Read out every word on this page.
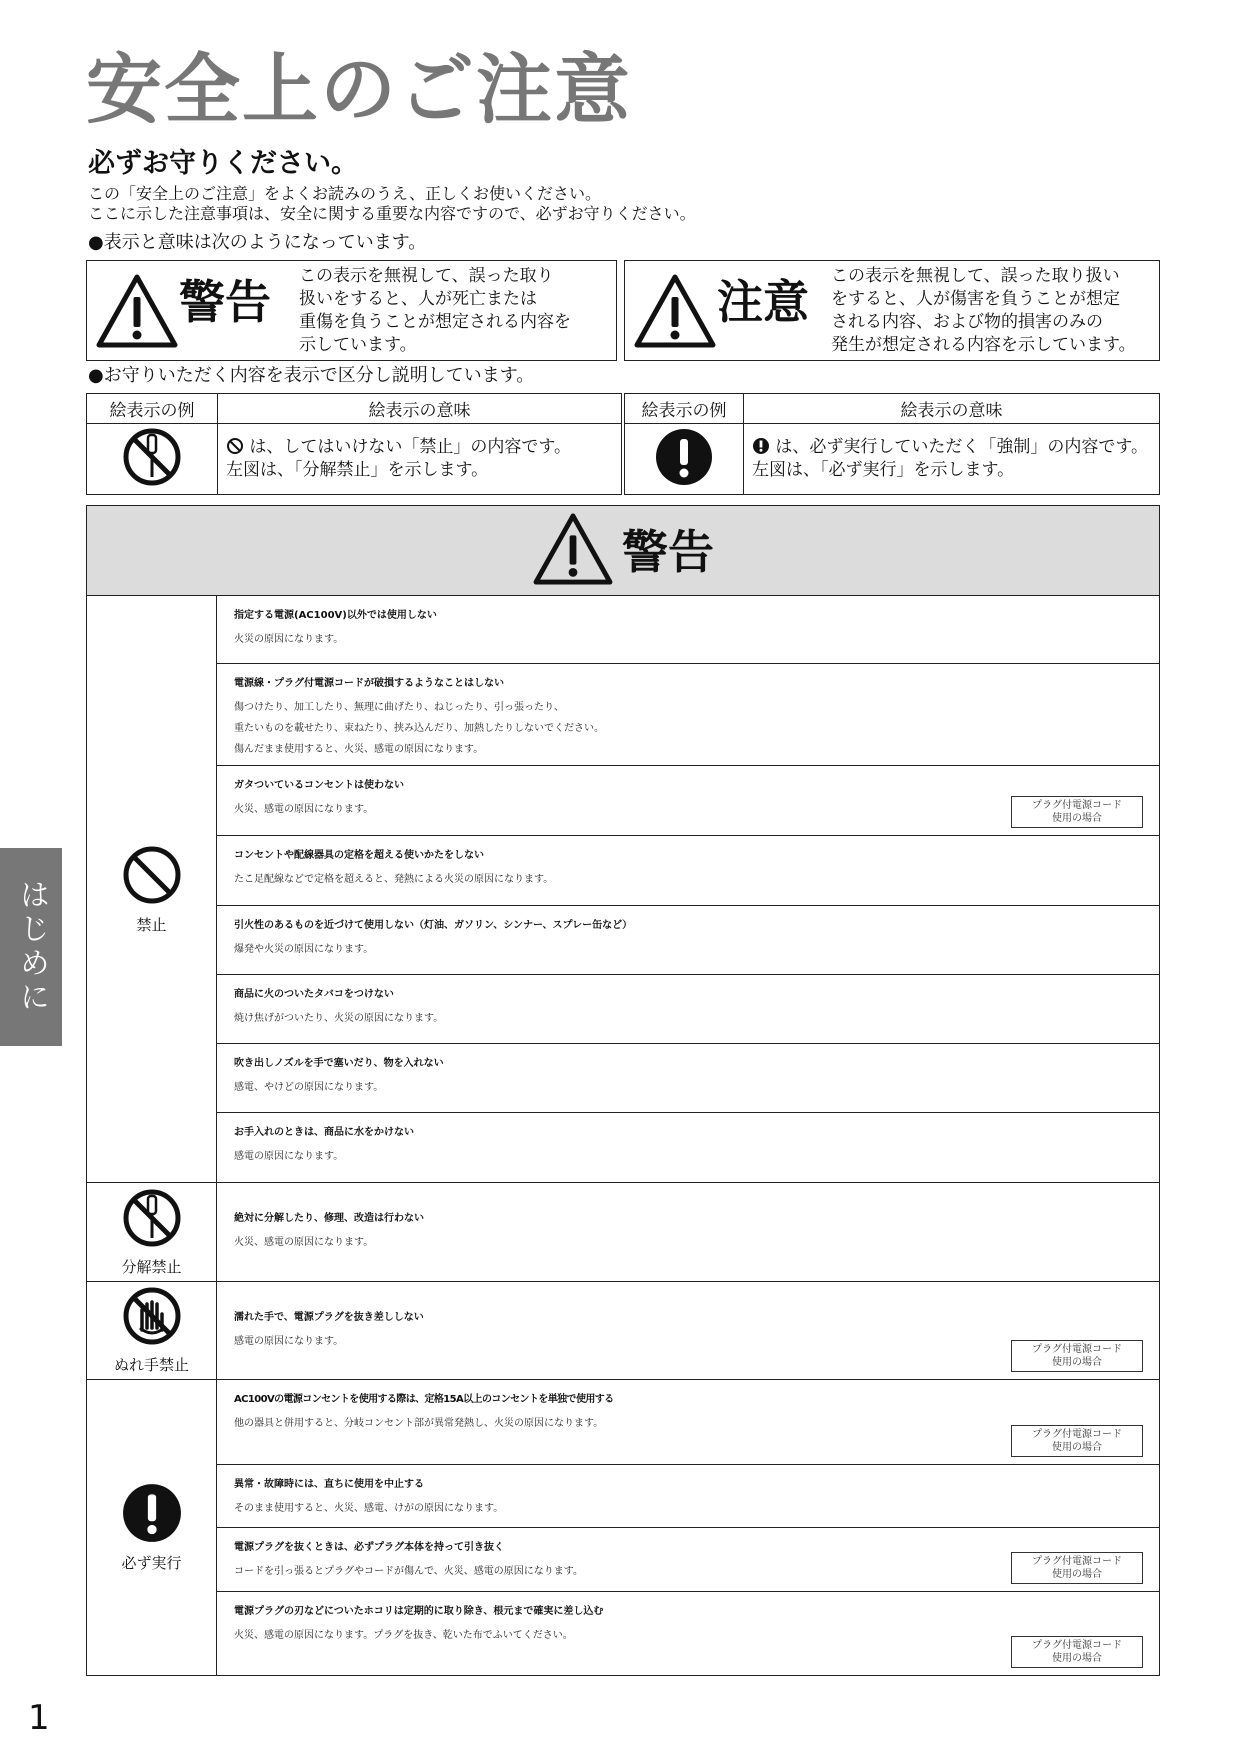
安全上のご注意
必ずお守りください。
この「安全上のご注意」をよくお読みのうえ、正しくお使いください。
ここに示した注意事項は、安全に関する重要な内容ですので、必ずお守りください。
●表示と意味は次のようになっています。
警告 この表示を無視して、誤った取り
扱いをすると、人が死亡または
重傷を負うことが想定される内容を
示しています。
注意 この表示を無視して、誤った取り扱い
をすると、人が傷害を負うことが想定
される内容、および物的損害のみの
発生が想定される内容を示しています。
●お守りいただく内容を表示で区分し説明しています。
絵表示の例	絵表示の意味

は、してはいけない「禁止」の内容です。
左図は、「分解禁止」を示します。
絵表示の例	絵表示の意味

は、必ず実行していただく「強制」の内容です。
左図は、「必ず実行」を示します。
警告	

禁止	指定する電源(AC100V)以外では使用しない
火災の原因になります。

	電源線・プラグ付電源コードが破損するようなことはしない
傷つけたり、加工したり、無理に曲げたり、ねじったり、引っ張ったり、
重たいものを載せたり、束ねたり、挟み込んだり、加熱したりしないでください。
傷んだまま使用すると、火災、感電の原因になります。

	ガタついているコンセントは使わない
火災、感電の原因になります。 プラグ付電源コード
使用の場合

	コンセントや配線器具の定格を超える使いかたをしない
たこ足配線などで定格を超えると、発熱による火災の原因になります。

	引火性のあるものを近づけて使用しない（灯油、ガソリン、シンナー、スプレー缶など）
爆発や火災の原因になります。

	商品に火のついたタバコをつけない
焼け焦げがついたり、火災の原因になります。

	吹き出しノズルを手で塞いだり、物を入れない
感電、やけどの原因になります。

	お手入れのときは、商品に水をかけない
感電の原因になります。

分解禁止	絶対に分解したり、修理、改造は行わない
火災、感電の原因になります。

ぬれ手禁止	濡れた手で、電源プラグを抜き差ししない
感電の原因になります。
プラグ付電源コード
使用の場合

必ず実行	AC100Vの電源コンセントを使用する際は、定格15A以上のコンセントを単独で使用する
他の器具と併用すると、分岐コンセント部が異常発熱し、火災の原因になります。
プラグ付電源コード
使用の場合

	異常・故障時には、直ちに使用を中止する
そのまま使用すると、火災、感電、けがの原因になります。

	電源プラグを抜くときは、必ずプラグ本体を持って引き抜く
コードを引っ張るとプラグやコードが傷んで、火災、感電の原因になります。
プラグ付電源コード
使用の場合

	電源プラグの刃などについたホコリは定期的に取り除き、根元まで確実に差し込む
火災、感電の原因になります。プラグを抜き、乾いた布でふいてください。
プラグ付電源コード
使用の場合
はじめに
1
